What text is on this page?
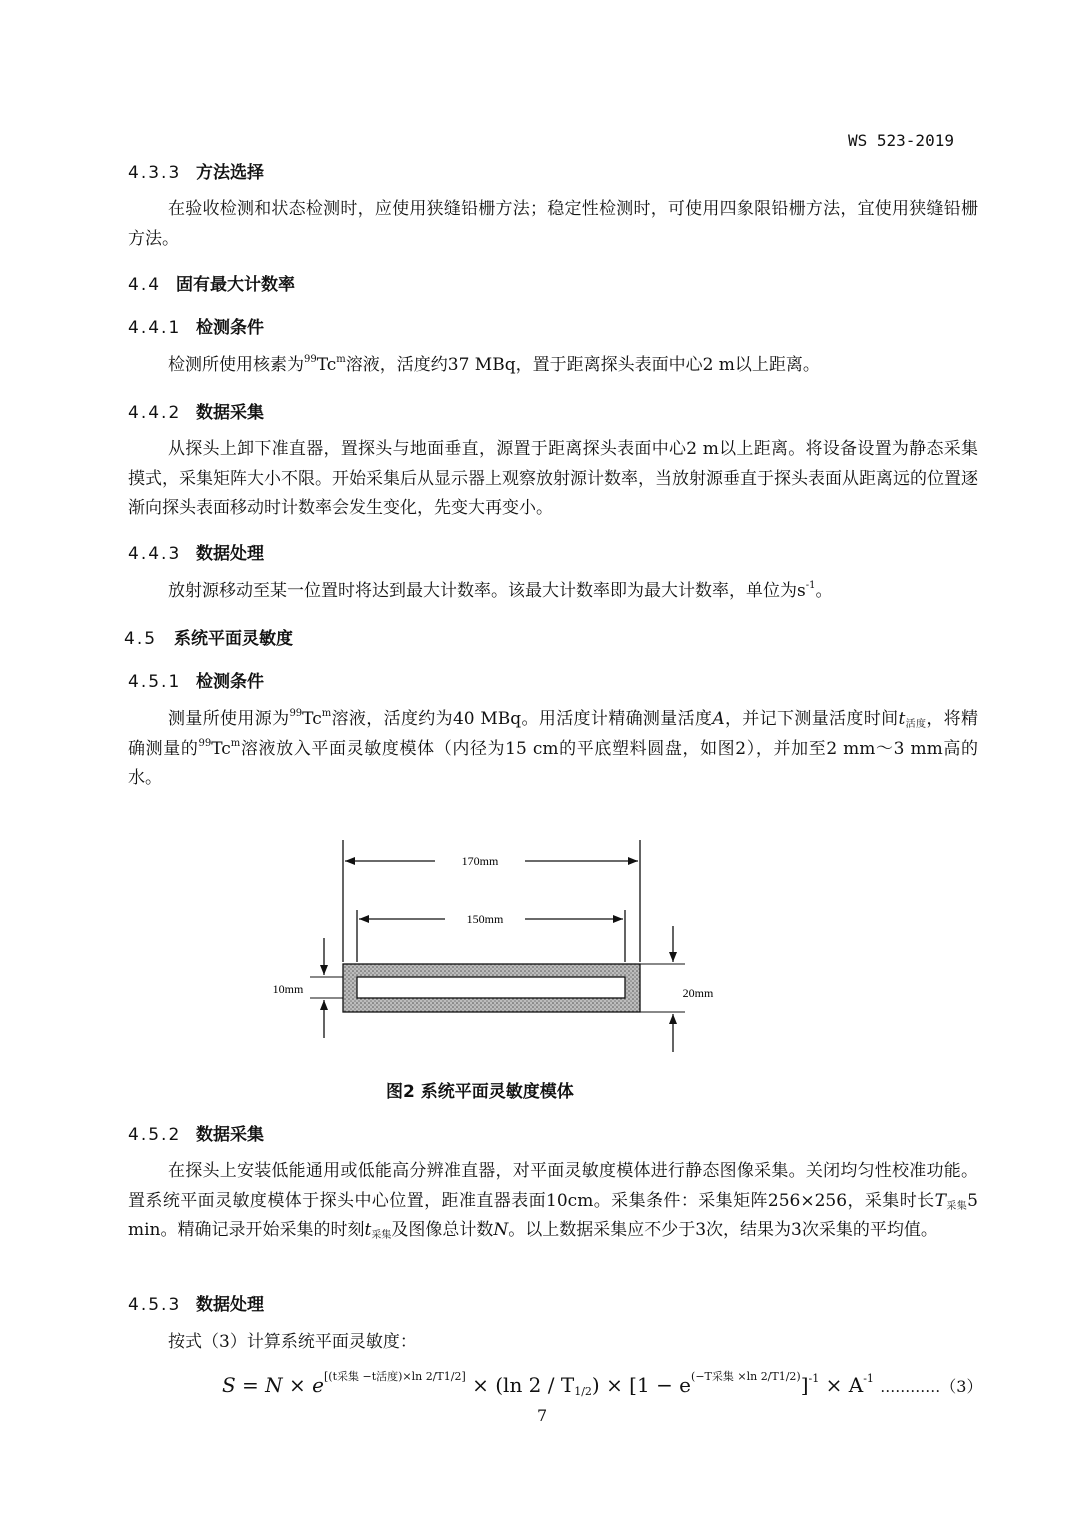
WS 523-2019
4.3.3 方法选择

在验收检测和状态检测时，应使用狭缝铅栅方法；稳定性检测时，可使用四象限铅栅方法，宜使用狭缝铅栅方法。

4.4 固有最大计数率
4.4.1 检测条件

检测所使用核素为$^{99}$Tc$^m$溶液，活度约37 MBq，置于距离探头表面中心2 m以上距离。

4.4.2 数据采集

从探头上卸下准直器，置探头与地面垂直，源置于距离探头表面中心2 m以上距离。将设备设置为静态采集摸式，采集矩阵大小不限。开始采集后从显示器上观察放射源计数率，当放射源垂直于探头表面从距离远的位置逐渐向探头表面移动时计数率会发生变化，先变大再变小。

4.4.3 数据处理

放射源移动至某一位置时将达到最大计数率。该最大计数率即为最大计数率，单位为$s^{-1}$。

4.5 系统平面灵敏度
4.5.1 检测条件

测量所使用源为$^{99}$Tc$^m$溶液，活度约为40 MBq。用活度计精确测量活度A，并记下测量活度时间$t_{活度}$，将精确测量的$^{99}$Tc$^m$溶液放入平面灵敏度模体（内径为15 cm的平底塑料圆盘，如图2），并加至2 mm～3 mm高的水。

170mm
150mm
10mm	20mm
图2 系统平面灵敏度模体
4.5.2 数据采集

在探头上安装低能通用或低能高分辨准直器，对平面灵敏度模体进行静态图像采集。关闭均匀性校准功能。置系统平面灵敏度模体于探头中心位置，距准直器表面10cm。采集条件：采集矩阵256×256，采集时长$T_{采集}5$ min。精确记录开始采集的时刻$t_{采集}$及图像总计数N。以上数据采集应不少于3次，结果为3次采集的平均值。

4.5.3 数据处理

按式（3）计算系统平面灵敏度：

S = N × e[(t采集 −t活度)×ln 2/T1/2] × (ln $2 / T_{1/2}) \times [1 - e^{(-T采集 \times ln 2/T1/2)}]^{-1} \times A^{-1}$ …………（3）
7
